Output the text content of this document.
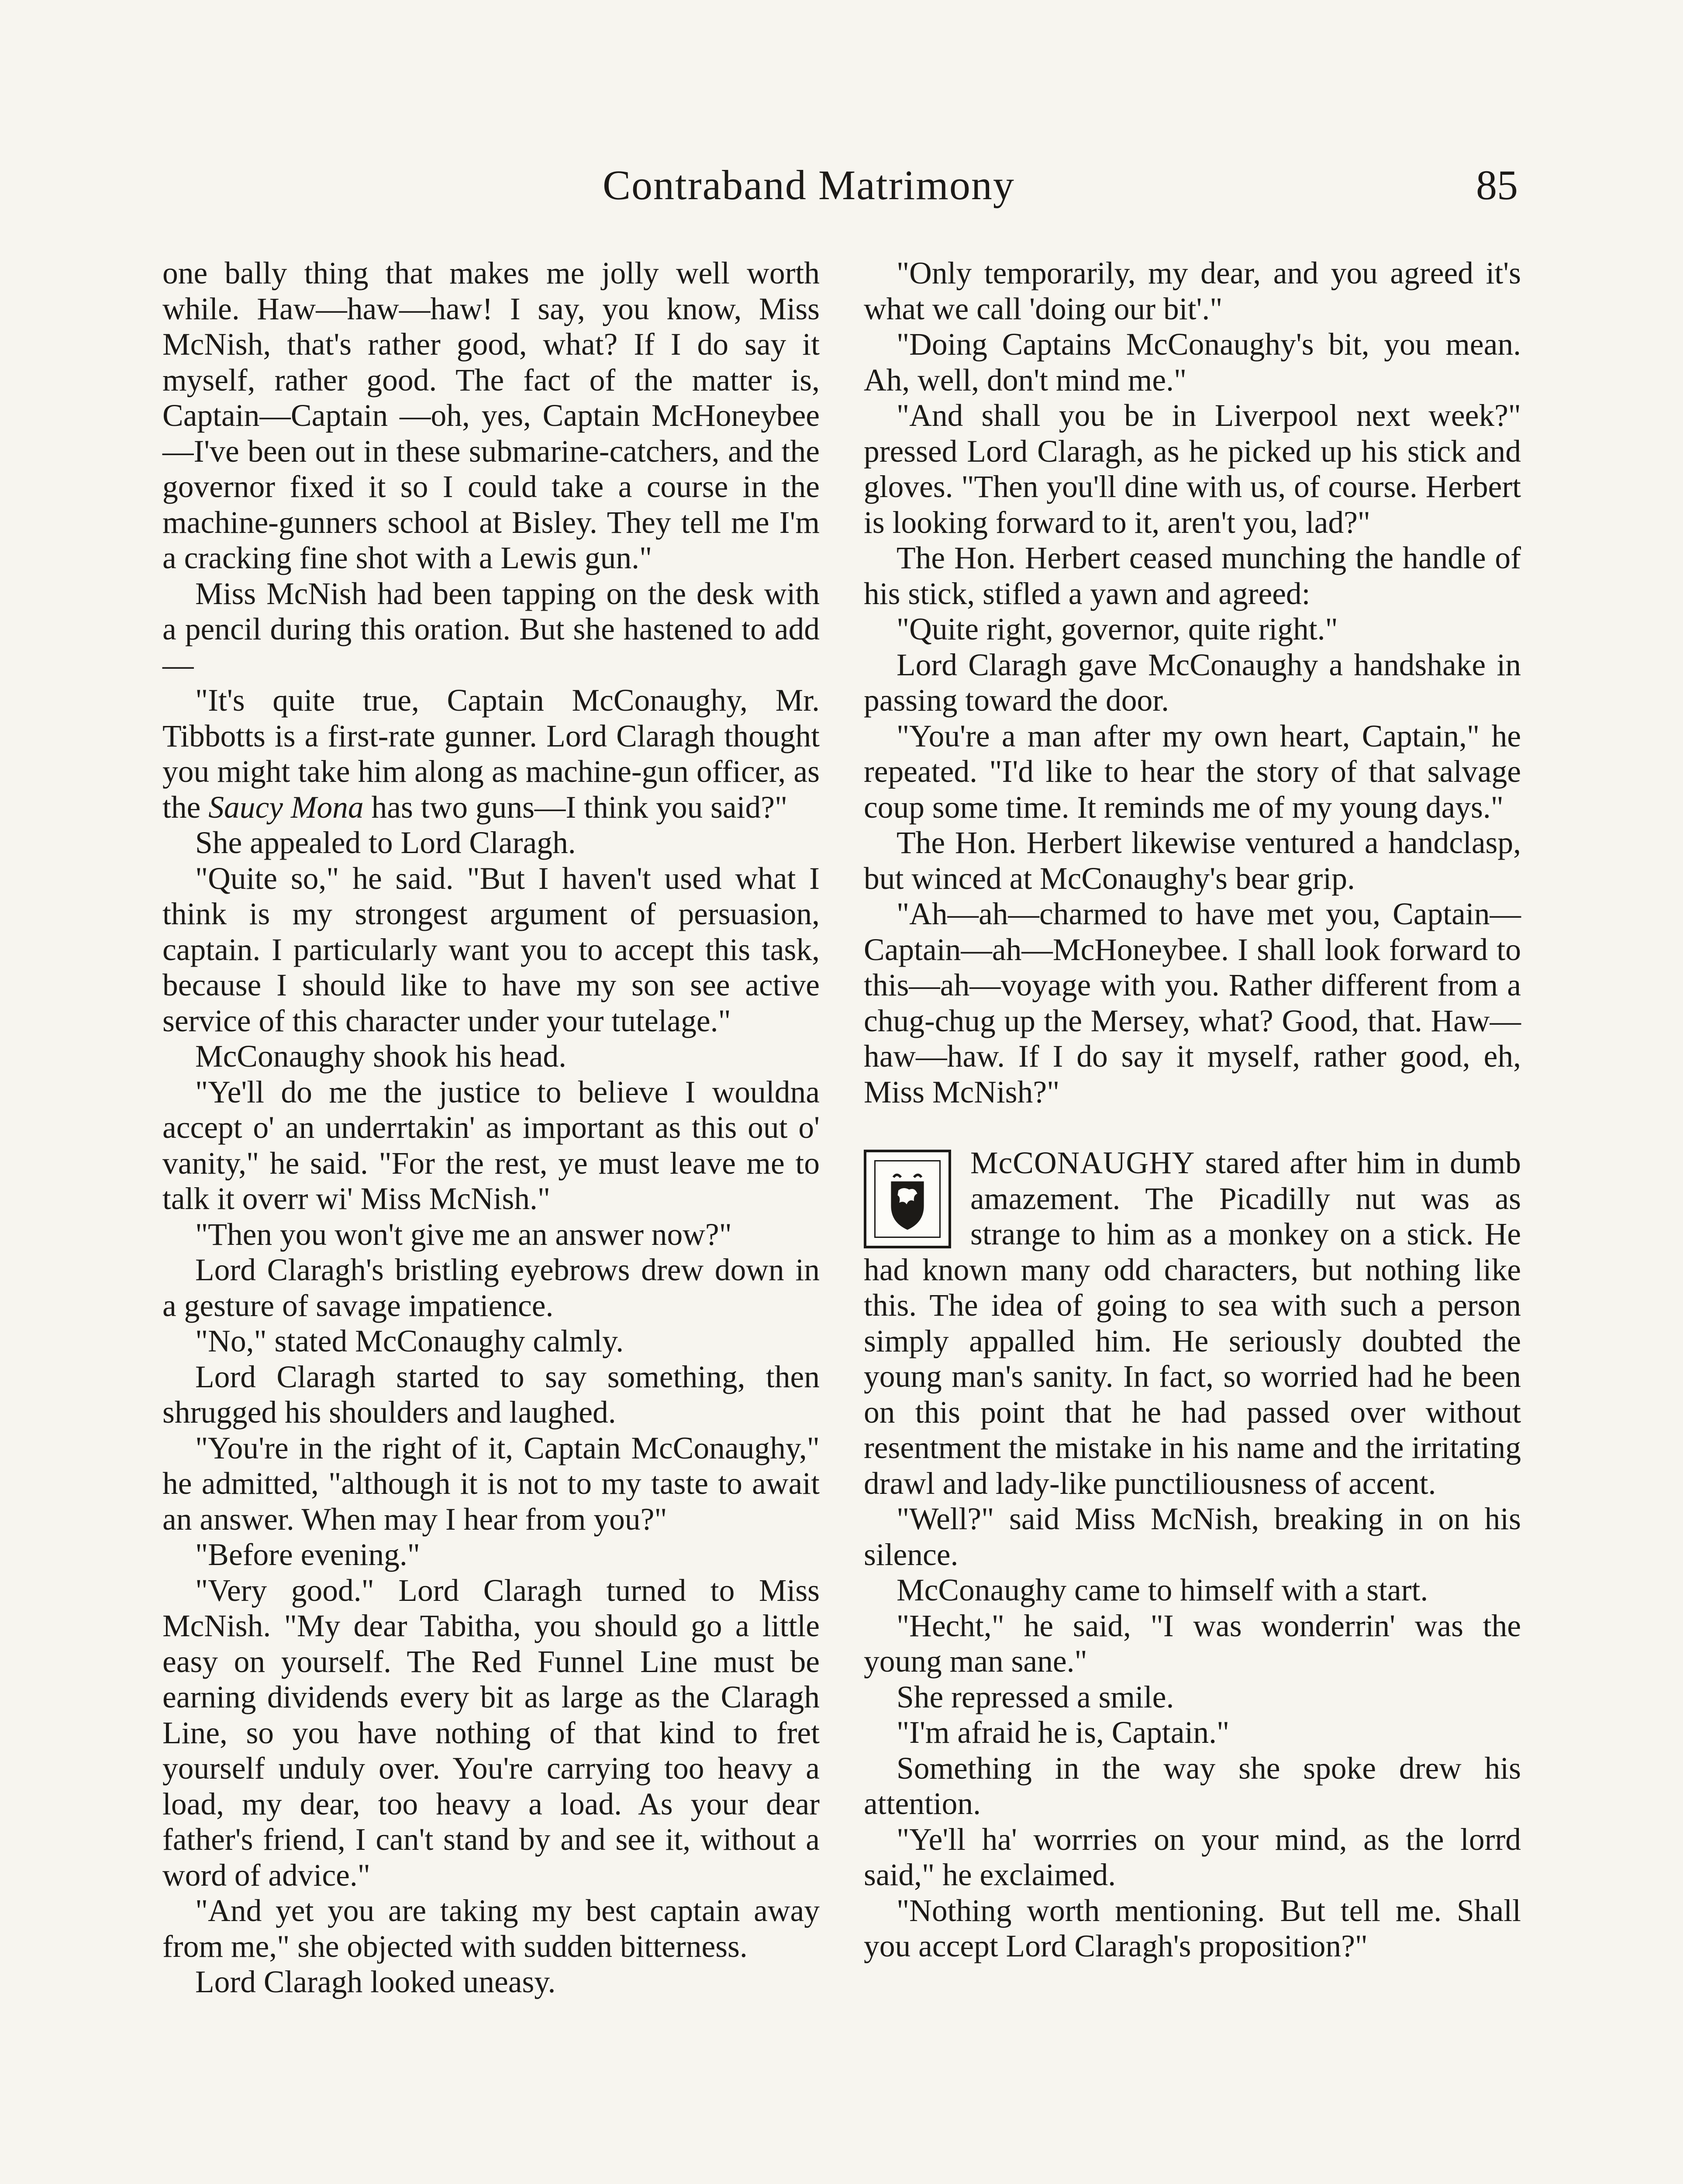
Contraband Matrimony	85

one bally thing that makes me jolly well worth while. Haw—haw—haw! I say, you know, Miss McNish, that's rather good, what? If I do say it myself, rather good. The fact of the matter is, Captain—Captain —oh, yes, Captain McHoneybee—I've been out in these submarine-catchers, and the governor fixed it so I could take a course in the machine-gunners school at Bisley. They tell me I'm a cracking fine shot with a Lewis gun."

Miss McNish had been tapping on the desk with a pencil during this oration. But she hastened to add—

"It's quite true, Captain McConaughy, Mr. Tibbotts is a first-rate gunner. Lord Claragh thought you might take him along as machine-gun officer, as the Saucy Mona has two guns—I think you said?"

She appealed to Lord Claragh.

"Quite so," he said. "But I haven't used what I think is my strongest argument of persuasion, captain. I particularly want you to accept this task, because I should like to have my son see active service of this character under your tutelage."

McConaughy shook his head.

"Ye'll do me the justice to believe I wouldna accept o' an underrtakin' as important as this out o' vanity," he said. "For the rest, ye must leave me to talk it overr wi' Miss McNish."

"Then you won't give me an answer now?"

Lord Claragh's bristling eyebrows drew down in a gesture of savage impatience.

"No," stated McConaughy calmly.

Lord Claragh started to say something, then shrugged his shoulders and laughed.

"You're in the right of it, Captain McConaughy," he admitted, "although it is not to my taste to await an answer. When may I hear from you?"

"Before evening."

"Very good." Lord Claragh turned to Miss McNish. "My dear Tabitha, you should go a little easy on yourself. The Red Funnel Line must be earning dividends every bit as large as the Claragh Line, so you have nothing of that kind to fret yourself unduly over. You're carrying too heavy a load, my dear, too heavy a load. As your dear father's friend, I can't stand by and see it, without a word of advice."

"And yet you are taking my best captain away from me," she objected with sudden bitterness.

Lord Claragh looked uneasy.

"Only temporarily, my dear, and you agreed it's what we call 'doing our bit'."

"Doing Captains McConaughy's bit, you mean. Ah, well, don't mind me."

"And shall you be in Liverpool next week?" pressed Lord Claragh, as he picked up his stick and gloves. "Then you'll dine with us, of course. Herbert is looking forward to it, aren't you, lad?"

The Hon. Herbert ceased munching the handle of his stick, stifled a yawn and agreed:

"Quite right, governor, quite right."

Lord Claragh gave McConaughy a handshake in passing toward the door.

"You're a man after my own heart, Captain," he repeated. "I'd like to hear the story of that salvage coup some time. It reminds me of my young days."

The Hon. Herbert likewise ventured a handclasp, but winced at McConaughy's bear grip.

"Ah—ah—charmed to have met you, Captain—Captain—ah—McHoneybee. I shall look forward to this—ah—voyage with you. Rather different from a chug-chug up the Mersey, what? Good, that. Haw—haw—haw. If I do say it myself, rather good, eh, Miss McNish?"

McCONAUGHY stared after him in dumb amazement. The Picadilly nut was as strange to him as a monkey on a stick. He had known many odd characters, but nothing like this. The idea of going to sea with such a person simply appalled him. He seriously doubted the young man's sanity. In fact, so worried had he been on this point that he had passed over without resentment the mistake in his name and the irritating drawl and lady-like punctiliousness of accent.

"Well?" said Miss McNish, breaking in on his silence.

McConaughy came to himself with a start.

"Hecht," he said, "I was wonderrin' was the young man sane."

She repressed a smile.

"I'm afraid he is, Captain."

Something in the way she spoke drew his attention.

"Ye'll ha' worrries on your mind, as the lorrd said," he exclaimed.

"Nothing worth mentioning. But tell me. Shall you accept Lord Claragh's proposition?"
